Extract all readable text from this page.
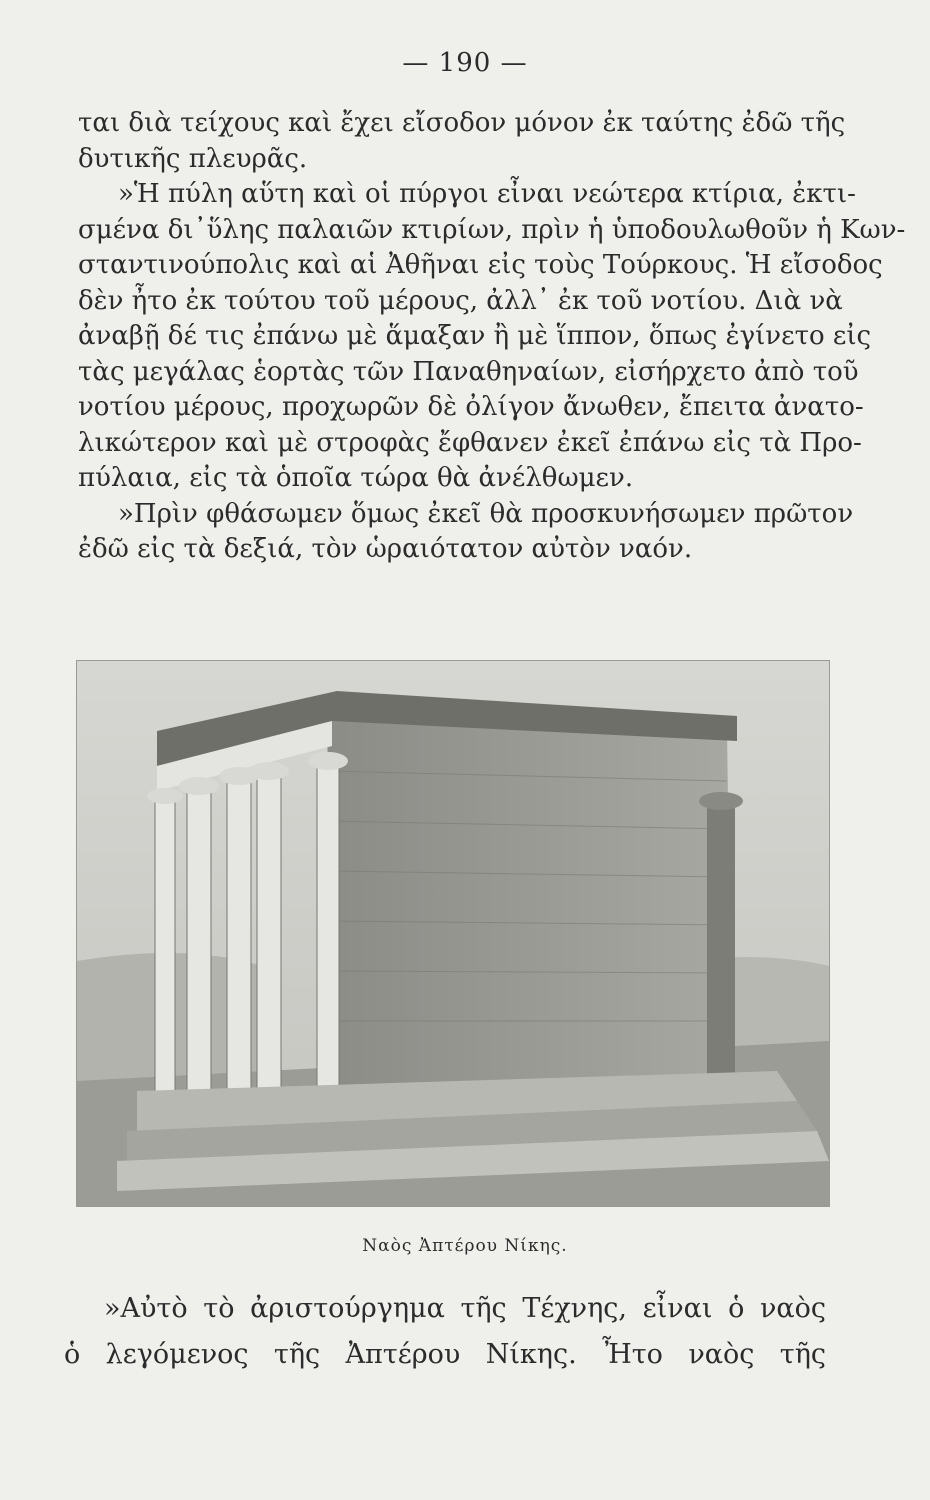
— 190 —
ται διὰ τείχους καὶ ἔχει εἴσοδον μόνον ἐκ ταύτης ἐδῶ τῆς
δυτικῆς πλευρᾶς.
»Ἡ πύλη αὕτη καὶ οἱ πύργοι εἶναι νεώτερα κτίρια, ἐκτι-
σμένα δι᾿ὕλης παλαιῶν κτιρίων, πρὶν ἡ ὑποδουλωθοῦν ἡ Κων-
σταντινούπολις καὶ αἱ Ἀθῆναι εἰς τοὺς Τούρκους. Ἡ εἴσοδος
δὲν ἦτο ἐκ τούτου τοῦ μέρους, ἀλλ᾿ ἐκ τοῦ νοτίου. Διὰ νὰ
ἀναβῇ δέ τις ἐπάνω μὲ ἅμαξαν ἢ μὲ ἵππον, ὅπως ἐγίνετο εἰς
τὰς μεγάλας ἑορτὰς τῶν Παναθηναίων, εἰσήρχετο ἀπὸ τοῦ
νοτίου μέρους, προχωρῶν δὲ ὀλίγον ἄνωθεν, ἔπειτα ἀνατο-
λικώτερον καὶ μὲ στροφὰς ἔφθανεν ἐκεῖ ἐπάνω εἰς τὰ Προ-
πύλαια, εἰς τὰ ὁποῖα τώρα θὰ ἀνέλθωμεν.
»Πρὶν φθάσωμεν ὅμως ἐκεῖ θὰ προσκυνήσωμεν πρῶτον
ἐδῶ εἰς τὰ δεξιά, τὸν ὡραιότατον αὐτὸν ναόν.
Ναὸς Ἀπτέρου Νίκης.
»Αὐτὸ τὸ ἀριστούργημα τῆς Τέχνης, εἶναι ὁ ναὸς
ὁ λεγόμενος τῆς Ἀπτέρου Νίκης. Ἦτο ναὸς τῆς
